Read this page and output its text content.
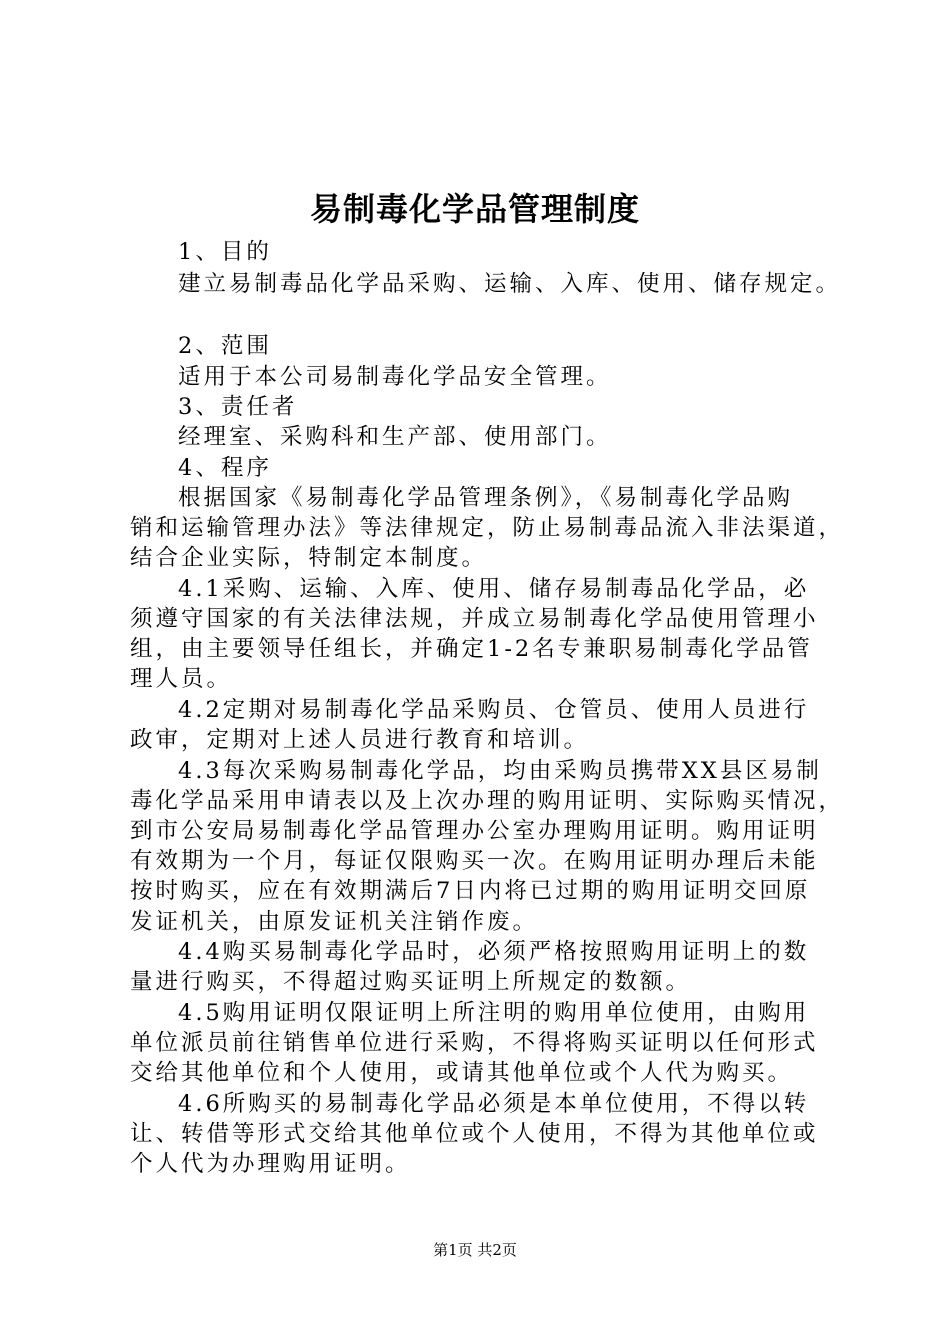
易制毒化学品管理制度
1、目的
建立易制毒品化学品采购、运输、入库、使用、储存规定。
2、范围
适用于本公司易制毒化学品安全管理。
3、责任者
经理室、采购科和生产部、使用部门。
4、程序
根据国家《易制毒化学品管理条例》，《易制毒化学品购
销和运输管理办法》等法律规定，防止易制毒品流入非法渠道，
结合企业实际，特制定本制度。
4.1采购、运输、入库、使用、储存易制毒品化学品，必
须遵守国家的有关法律法规，并成立易制毒化学品使用管理小
组，由主要领导任组长，并确定1-2名专兼职易制毒化学品管
理人员。
4.2定期对易制毒化学品采购员、仓管员、使用人员进行
政审，定期对上述人员进行教育和培训。
4.3每次采购易制毒化学品，均由采购员携带XX县区易制
毒化学品采用申请表以及上次办理的购用证明、实际购买情况，
到市公安局易制毒化学品管理办公室办理购用证明。购用证明
有效期为一个月，每证仅限购买一次。在购用证明办理后未能
按时购买，应在有效期满后7日内将已过期的购用证明交回原
发证机关，由原发证机关注销作废。
4.4购买易制毒化学品时，必须严格按照购用证明上的数
量进行购买，不得超过购买证明上所规定的数额。
4.5购用证明仅限证明上所注明的购用单位使用，由购用
单位派员前往销售单位进行采购，不得将购买证明以任何形式
交给其他单位和个人使用，或请其他单位或个人代为购买。
4.6所购买的易制毒化学品必须是本单位使用，不得以转
让、转借等形式交给其他单位或个人使用，不得为其他单位或
个人代为办理购用证明。
第1页 共2页
